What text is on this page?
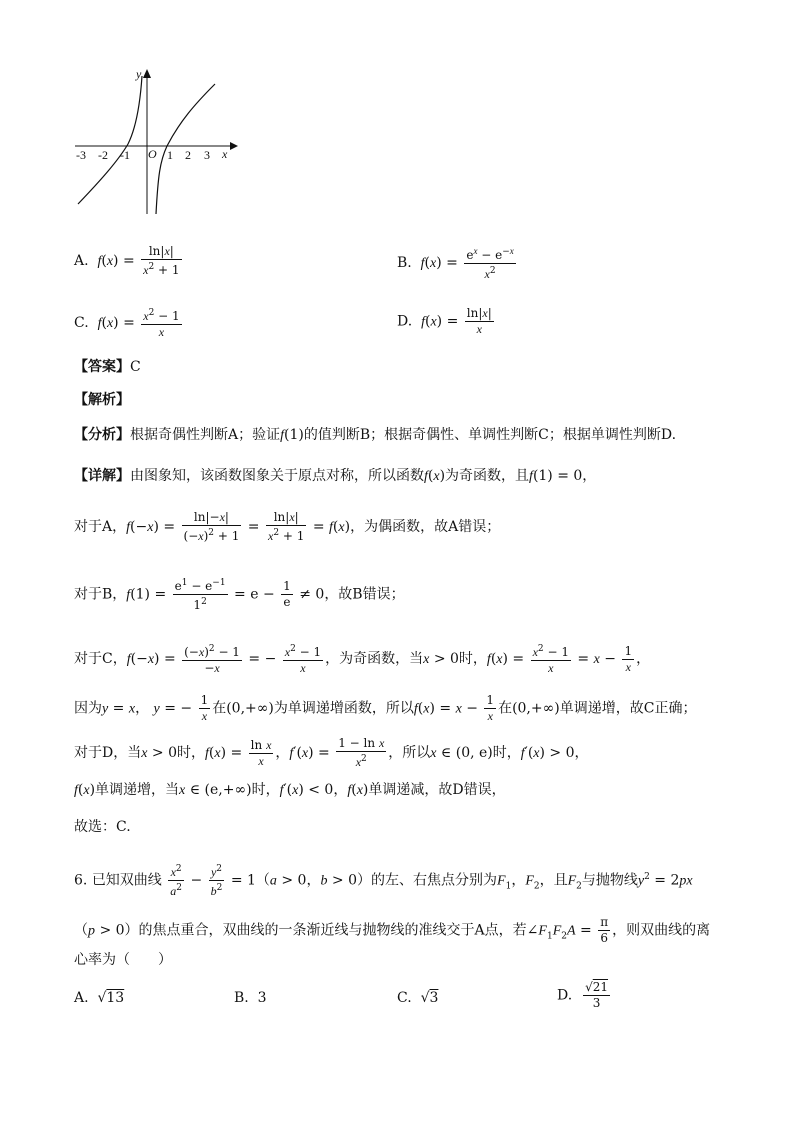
y
x
O
-3 -2 -1	1 2 3
A. $f(x) = \frac{\ln|x|}{x^2 + 1}$	B. $f(x) = \frac{e^x - e^{-x}}{x^2}$
C. $f(x) = \frac{x^2 - 1}{x}$	D. $f(x) = \frac{\ln|x|}{x}$
【答案】C
【解析】
【分析】根据奇偶性判断A；验证f(1)的值判断B；根据奇偶性、单调性判断C；根据单调性判断D.
【详解】由图象知，该函数图象关于原点对称，所以函数f(x)为奇函数，且f(1) = 0，
对于A，$f(-x) = \frac{\ln|-x|}{(-x)^2 + 1} = \frac{\ln|x|}{x^2 + 1} = f(x)$，为偶函数，故A错误；
对于B，$f(1) = \frac{e^1 - e^{-1}}{1^2} = e - \frac{1}{e} \ne 0$，故B错误；
对于C，$f(-x) = \frac{(-x)^2 - 1}{-x}$ = − $\frac{x^2 - 1}{x}$ ，为奇函数，当x > 0时，$f(x) = \frac{x^2 - 1}{x} = x - \frac{1}{x}$ ，
因为y = x， y = − $\frac{1}{x}$ 在(0,+∞)为单调递增函数，所以$f(x) = x - \frac{1}{x}$ 在(0,+∞)单调递增，故C正确；
对于D，当x > 0时，$f(x) = \frac{\text{ln x}}{x}$ ，$f'(x) = \frac{\text{1 − ln x}}{x^2}$ ，所以x ∈ (0, e)时，f′(x) > 0，
f(x)单调递增，当x ∈ (e,+∞)时，f′(x) < 0，f(x)单调递减，故D错误，
故选：C.
6. 已知双曲线 $\frac{x^2}{a^2} - \frac{y^2}{b^2} = 1(a > 0$，b > 0）的左、右焦点分别为$F_1$，$F_2$，且$F_2$与抛物线$y^2 = 2px$
（p > 0）的焦点重合，双曲线的一条渐近线与抛物线的准线交于A点，若$\angle F_1F_2A = \frac{\pi}{6}$ ，则双曲线的离
心率为（　　）
A.  √13	B. 3	C.  √3	D. $\frac{√21}{3}$
